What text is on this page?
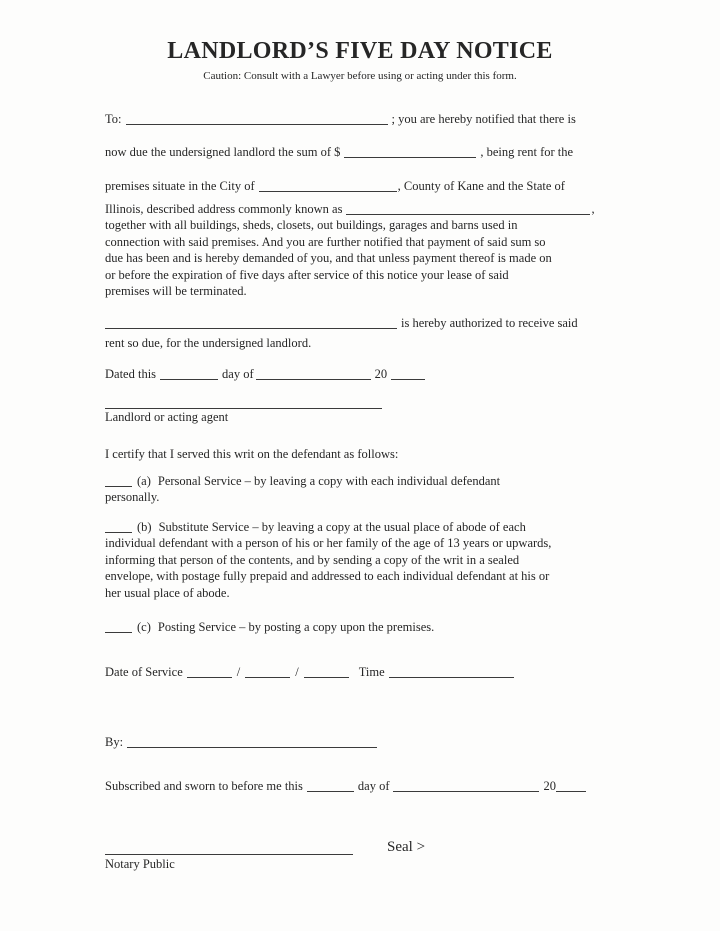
LANDLORD’S FIVE DAY NOTICE
Caution: Consult with a Lawyer before using or acting under this form.
To:	; you are hereby notified that there is
now due the undersigned landlord the sum of $	, being rent for the
premises situate in the City of	, County of Kane and the State of
Illinois, described address commonly known as	,
together with all buildings, sheds, closets, out buildings, garages and barns used in
connection with said premises. And you are further notified that payment of said sum so
due has been and is hereby demanded of you, and that unless payment thereof is made on
or before the expiration of five days after service of this notice your lease of said
premises will be terminated.
is hereby authorized to receive said
rent so due, for the undersigned landlord.
Dated this	day of	20
Landlord or acting agent
I certify that I served this writ on the defendant as follows:
(a) Personal Service – by leaving a copy with each individual defendant
personally.
(b) Substitute Service – by leaving a copy at the usual place of abode of each
individual defendant with a person of his or her family of the age of 13 years or upwards,
informing that person of the contents, and by sending a copy of the writ in a sealed
envelope, with postage fully prepaid and addressed to each individual defendant at his or
her usual place of abode.
(c) Posting Service – by posting a copy upon the premises.
Date of Service	/	/	Time
By:
Subscribed and sworn to before me this	day of	20
Seal >
Notary Public
